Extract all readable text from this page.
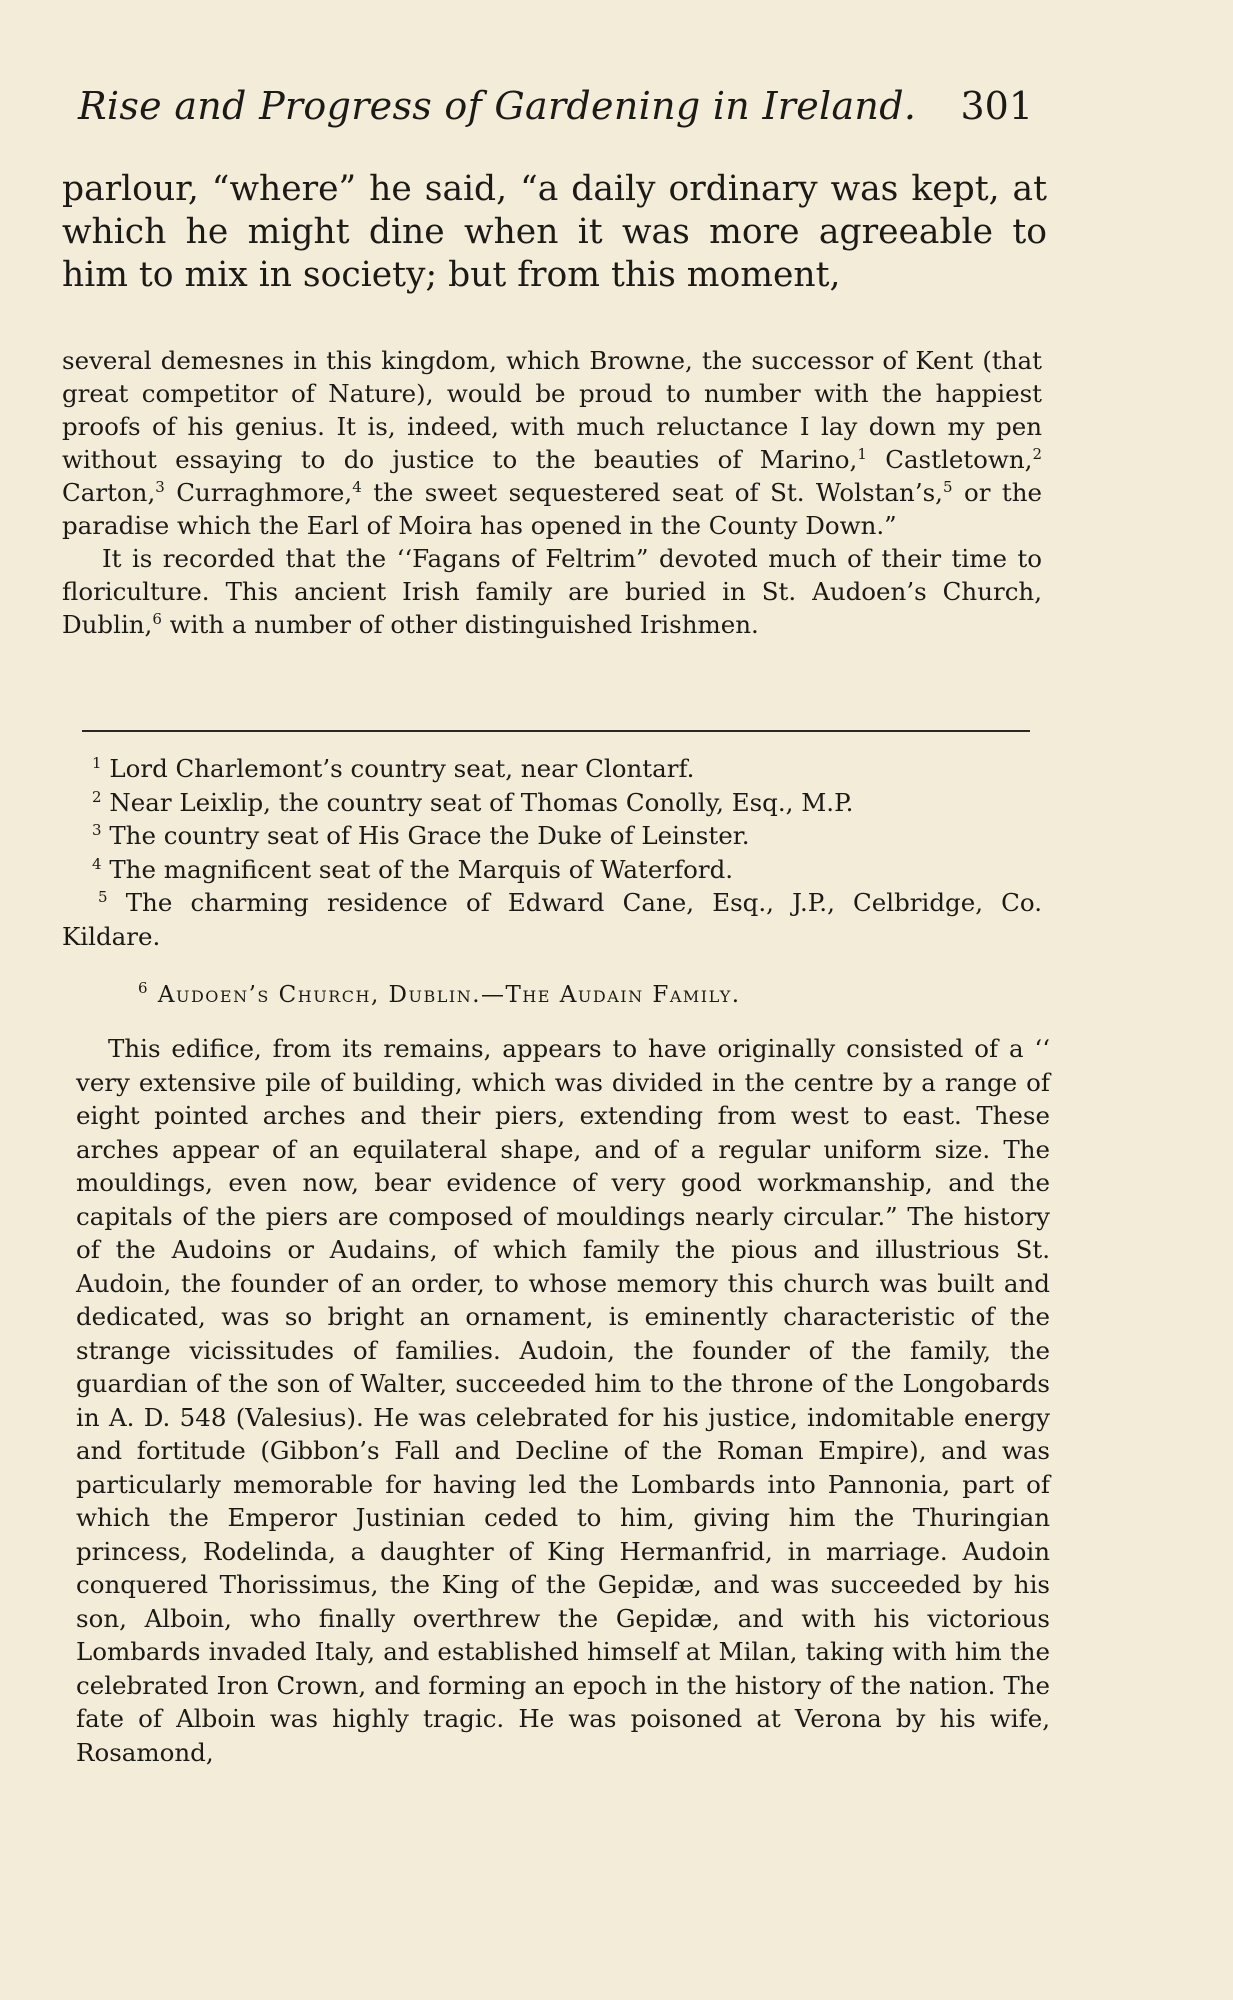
Rise and Progress of Gardening in Ireland. 301
parlour, “where” he said, “a daily ordinary was kept, at which he might dine when it was more agreeable to him to mix in society; but from this moment,

several demesnes in this kingdom, which Browne, the successor of Kent (that great competitor of Nature), would be proud to number with the happiest proofs of his genius. It is, indeed, with much reluctance I lay down my pen without essaying to do justice to the beauties of Marino,$^1$ Castletown,$^2$ Carton,$^3$ Curraghmore,$^4$ the sweet sequestered seat of St. Wolstan’s,$^5$ or the paradise which the Earl of Moira has opened in the County Down.”

It is recorded that the ‘‘Fagans of Feltrim” devoted much of their time to floriculture. This ancient Irish family are buried in St. Audoen’s Church, Dublin,$^6$ with a number of other distinguished Irishmen.

$^1$ Lord Charlemont’s country seat, near Clontarf.

$^2$ Near Leixlip, the country seat of Thomas Conolly, Esq., M.P.

$^3$ The country seat of His Grace the Duke of Leinster.

$^4$ The magnificent seat of the Marquis of Waterford.

$^5$ The charming residence of Edward Cane, Esq., J.P., Celbridge, Co. Kildare.

$^6$ Audoen’s Church, Dublin.—The Audain Family.

This edifice, from its remains, appears to have originally consisted of a ‘‘ very extensive pile of building, which was divided in the centre by a range of eight pointed arches and their piers, extending from west to east. These arches appear of an equilateral shape, and of a regular uniform size. The mouldings, even now, bear evidence of very good workmanship, and the capitals of the piers are composed of mouldings nearly circular.” The history of the Audoins or Audains, of which family the pious and illustrious St. Audoin, the founder of an order, to whose memory this church was built and dedicated, was so bright an ornament, is eminently characteristic of the strange vicissitudes of families. Audoin, the founder of the family, the guardian of the son of Walter, succeeded him to the throne of the Longobards in A. D. 548 (Valesius). He was celebrated for his justice, indomitable energy and fortitude (Gibbon’s Fall and Decline of the Roman Empire), and was particularly memorable for having led the Lombards into Pannonia, part of which the Emperor Justinian ceded to him, giving him the Thuringian princess, Rodelinda, a daughter of King Hermanfrid, in marriage. Audoin conquered Thorissimus, the King of the Gepidæ, and was succeeded by his son, Alboin, who finally overthrew the Gepidæ, and with his victorious Lombards invaded Italy, and established himself at Milan, taking with him the celebrated Iron Crown, and forming an epoch in the history of the nation. The fate of Alboin was highly tragic. He was poisoned at Verona by his wife, Rosamond,
